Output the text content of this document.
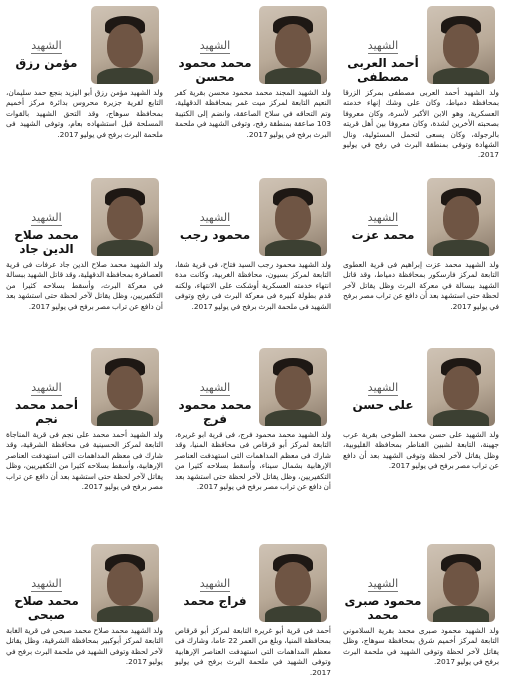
الشهيد
أحمد العربى مصطفى
ولد الشهيد أحمد العربى مصطفى بمركز الزرقا بمحافظة دمياط، وكان على وشك إنهاء خدمته العسكرية، وهو الابن الأكبر لأسرة، وكان معروفا بصحبته الأخرين لشدة، وكان معروفا بين أهل قريته بالرجولة، وكان يسعى لتحمل المسئولية، ونال الشهادة وتوفى بمنطقة البرث في رفح في يوليو 2017.
الشهيد
محمد محمود محسن
ولد الشهيد المجند محمد محمود محسن بقرية كفر النعيم التابعة لمركز ميت غمر بمحافظة الدقهلية، وتم التحاقه في سلاح الصاعقة، وانضم إلى الكتيبة 103 صاعقة بمنطقة رفح، وتوفى الشهيد في ملحمة البرث برفح في يوليو 2017.
الشهيد
مؤمن رزق
ولد الشهيد مؤمن رزق أبو اليزيد بنجع حمد سليمان، التابع لقرية جزيرة محروس بدائرة مركز أخميم بمحافظة سوهاج، وقد التحق الشهيد بالقوات المسلحة قبل استشهاده بعام، وتوفى الشهيد فى ملحمة البرث برفح في يوليو 2017.
الشهيد
محمد عزت
ولد الشهيد محمد عزت إبراهيم فى قرية العطوى التابعة لمركز فارسكور بمحافظة دمياط، وقد قاتل الشهيد ببسالة في معركة البرث وظل يقاتل لآخر لحظة حتى استشهد بعد أن دافع عن تراب مصر برفح في يوليو 2017.
الشهيد
محمود رجب
ولد الشهيد محمود رجب السيد فتاح، فى قرية شفا، التابعة لمركز بسيون، محافظة الغربية، وكانت مدة انتهاء خدمته العسكرية أوشكت على الانتهاء، ولكنه قدم بطولة كبيرة فى معركة البرث فى رفح وتوفى الشهيد فى ملحمة البرث برفح في يوليو 2017.
الشهيد
محمد صلاح الدين جاد
ولد الشهيد محمد صلاح الدين جاد عرفات فى قرية العصافرة بمحافظة الدقهلية، وقد قاتل الشهيد ببسالة في معركة البرث، وأسقط بسلاحه كثيرا من التكفيريين، وظل يقاتل لآخر لحظة حتى استشهد بعد أن دافع عن تراب مصر برفح في يوليو 2017.
الشهيد
على حسن
ولد الشهيد على حسن محمد الطوخى بقرية عرب جهينة، التابعة لشبين القناطر بمحافظة القليوبية، وظل يقاتل لآخر لحظة وتوفى الشهيد بعد أن دافع عن تراب مصر برفح في يوليو 2017.
الشهيد
محمد محمود فرج
ولد الشهيد محمد محمود فرج، فى قرية ابو غريرة، التابعة لمركز أبو قرقاص فى محافظة المنيا، وقد شارك فى معظم المداهمات التى استهدفت العناصر الإرهابية بشمال سيناء، وأسقط بسلاحه كثيرا من التكفيريين، وظل يقاتل لآخر لحظة حتى استشهد بعد أن دافع عن تراب مصر برفح في يوليو 2017.
الشهيد
أحمد محمد نجم
ولد الشهيد أحمد محمد على نجم فى قرية المناجاة التابعة لمركز الحسينية فى محافظة الشرقية، وقد شارك فى معظم المداهمات التى استهدفت العناصر الإرهابية، وأسقط بسلاحه كثيرا من التكفيريين، وظل يقاتل لآخر لحظة حتى استشهد بعد أن دافع عن تراب مصر برفح في يوليو 2017.
الشهيد
محمود صبرى محمد
ولد الشهيد محمود صبرى محمد بقرية السلاموني التابعة لمركز أخميم شرق بمحافظة سوهاج، وظل يقاتل لآخر لحظة وتوفى الشهيد في ملحمة البرث برفح في يوليو 2017.
الشهيد
فراج محمد
أحمد فى قرية أبو غريرة التابعة لمركز أبو قرقاص بمحافظة المنيا، وبلغ من العمر 22 عاما، وشارك فى معظم المداهمات التى استهدفت العناصر الإرهابية وتوفى الشهيد في ملحمة البرث برفح في يوليو 2017.
الشهيد
محمد صلاح صبحى
ولد الشهيد محمد صلاح محمد صبحى فى قرية الغابة التابعة لمركز أبوكبير بمحافظة الشرقية، وظل يقاتل لآخر لحظة وتوفى الشهيد في ملحمة البرث برفح في يوليو 2017.
